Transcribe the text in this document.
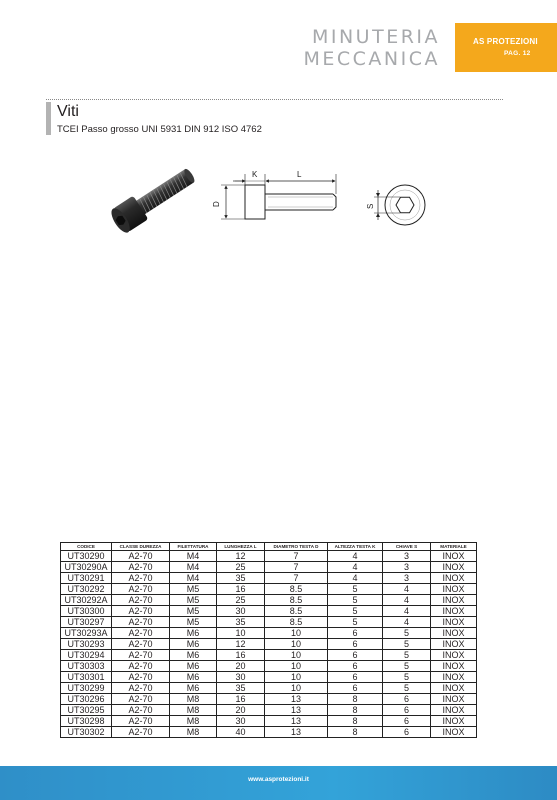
MINUTERIA
MECCANICA
AS PROTEZIONI
PAG. 12
Viti
TCEI Passo grosso UNI 5931 DIN 912 ISO 4762
K	L
D	S
CODICE	CLASSE DUREZZA	FILETTATURA	LUNGHEZZA L	DIAMETRO TESTA D	ALTEZZA TESTA K	CHIAVE S	MATERIALE
UT30290	A2-70	M4	12	7	4	3	INOX
UT30290A	A2-70	M4	25	7	4	3	INOX
UT30291	A2-70	M4	35	7	4	3	INOX
UT30292	A2-70	M5	16	8.5	5	4	INOX
UT30292A	A2-70	M5	25	8.5	5	4	INOX
UT30300	A2-70	M5	30	8.5	5	4	INOX
UT30297	A2-70	M5	35	8.5	5	4	INOX
UT30293A	A2-70	M6	10	10	6	5	INOX
UT30293	A2-70	M6	12	10	6	5	INOX
UT30294	A2-70	M6	16	10	6	5	INOX
UT30303	A2-70	M6	20	10	6	5	INOX
UT30301	A2-70	M6	30	10	6	5	INOX
UT30299	A2-70	M6	35	10	6	5	INOX
UT30296	A2-70	M8	16	13	8	6	INOX
UT30295	A2-70	M8	20	13	8	6	INOX
UT30298	A2-70	M8	30	13	8	6	INOX
UT30302	A2-70	M8	40	13	8	6	INOX
www.asprotezioni.it
